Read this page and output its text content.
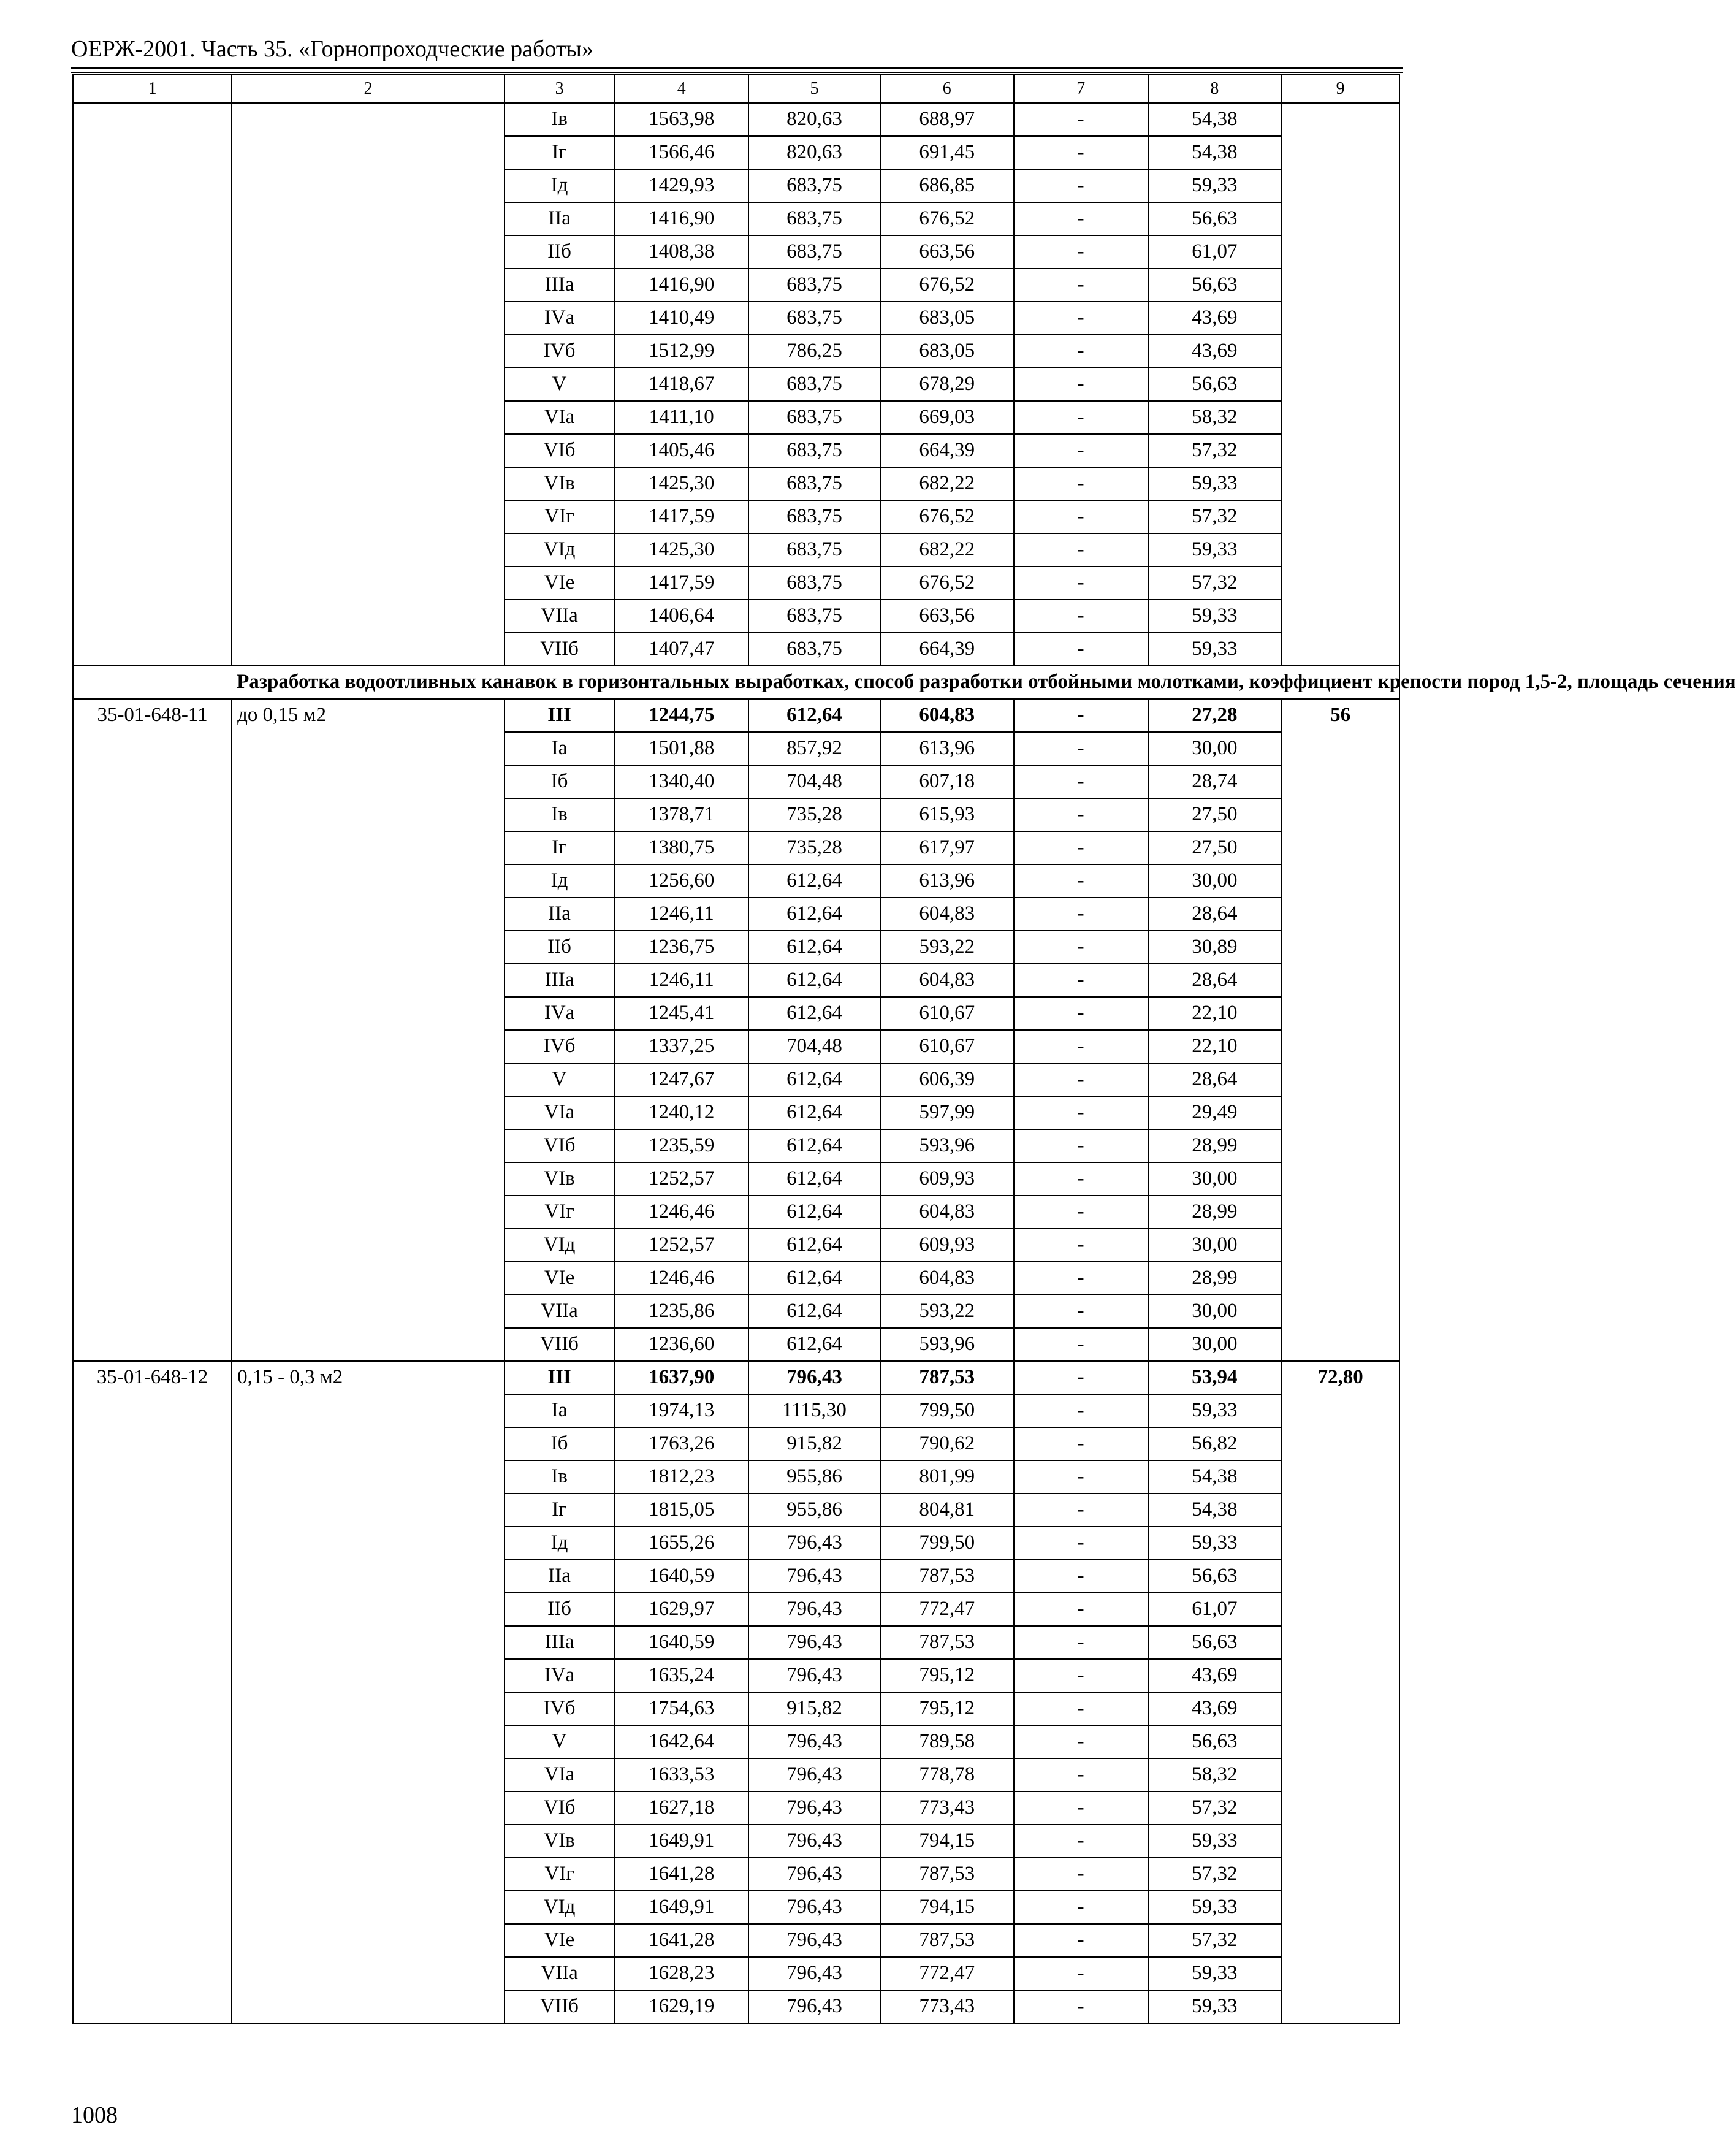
ОЕРЖ-2001. Часть 35. «Горнопроходческие работы»
1	2	3	4	5	6	7	8	9
		Iв	1563,98	820,63	688,97	-	54,38	
		Iг	1566,46	820,63	691,45	-	54,38	
		Iд	1429,93	683,75	686,85	-	59,33	
		IIа	1416,90	683,75	676,52	-	56,63	
		IIб	1408,38	683,75	663,56	-	61,07	
		IIIа	1416,90	683,75	676,52	-	56,63	
		IVа	1410,49	683,75	683,05	-	43,69	
		IVб	1512,99	786,25	683,05	-	43,69	
		V	1418,67	683,75	678,29	-	56,63	
		VIа	1411,10	683,75	669,03	-	58,32	
		VIб	1405,46	683,75	664,39	-	57,32	
		VIв	1425,30	683,75	682,22	-	59,33	
		VIг	1417,59	683,75	676,52	-	57,32	
		VIд	1425,30	683,75	682,22	-	59,33	
		VIе	1417,59	683,75	676,52	-	57,32	
		VIIа	1406,64	683,75	663,56	-	59,33	
		VIIб	1407,47	683,75	664,39	-	59,33	
	Разработка водоотливных канавок в горизонтальных выработках, способ разработки отбойными молотками, коэффициент крепости пород 1,5-2, площадь сечения							
35-01-648-11	до 0,15 м2	III	1244,75	612,64	604,83	-	27,28	56
		Iа	1501,88	857,92	613,96	-	30,00	
		Iб	1340,40	704,48	607,18	-	28,74	
		Iв	1378,71	735,28	615,93	-	27,50	
		Iг	1380,75	735,28	617,97	-	27,50	
		Iд	1256,60	612,64	613,96	-	30,00	
		IIа	1246,11	612,64	604,83	-	28,64	
		IIб	1236,75	612,64	593,22	-	30,89	
		IIIа	1246,11	612,64	604,83	-	28,64	
		IVа	1245,41	612,64	610,67	-	22,10	
		IVб	1337,25	704,48	610,67	-	22,10	
		V	1247,67	612,64	606,39	-	28,64	
		VIа	1240,12	612,64	597,99	-	29,49	
		VIб	1235,59	612,64	593,96	-	28,99	
		VIв	1252,57	612,64	609,93	-	30,00	
		VIг	1246,46	612,64	604,83	-	28,99	
		VIд	1252,57	612,64	609,93	-	30,00	
		VIе	1246,46	612,64	604,83	-	28,99	
		VIIа	1235,86	612,64	593,22	-	30,00	
		VIIб	1236,60	612,64	593,96	-	30,00	
35-01-648-12	0,15 - 0,3 м2	III	1637,90	796,43	787,53	-	53,94	72,80
		Iа	1974,13	1115,30	799,50	-	59,33	
		Iб	1763,26	915,82	790,62	-	56,82	
		Iв	1812,23	955,86	801,99	-	54,38	
		Iг	1815,05	955,86	804,81	-	54,38	
		Iд	1655,26	796,43	799,50	-	59,33	
		IIа	1640,59	796,43	787,53	-	56,63	
		IIб	1629,97	796,43	772,47	-	61,07	
		IIIа	1640,59	796,43	787,53	-	56,63	
		IVа	1635,24	796,43	795,12	-	43,69	
		IVб	1754,63	915,82	795,12	-	43,69	
		V	1642,64	796,43	789,58	-	56,63	
		VIа	1633,53	796,43	778,78	-	58,32	
		VIб	1627,18	796,43	773,43	-	57,32	
		VIв	1649,91	796,43	794,15	-	59,33	
		VIг	1641,28	796,43	787,53	-	57,32	
		VIд	1649,91	796,43	794,15	-	59,33	
		VIе	1641,28	796,43	787,53	-	57,32	
		VIIа	1628,23	796,43	772,47	-	59,33	
		VIIб	1629,19	796,43	773,43	-	59,33	
1008
